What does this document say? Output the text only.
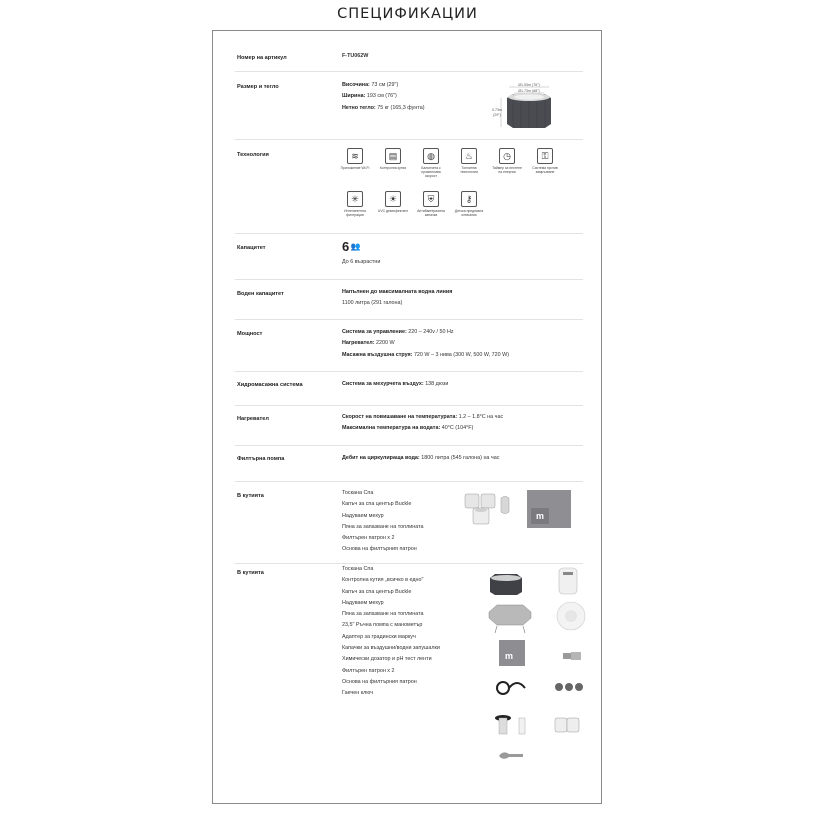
СПЕЦИФИКАЦИИ
Номер на артикул	F-TU062W
Размер и тегло	Височина: 73 см (29")
Ширина: 193 см (76")
Нетно тегло: 75 кг (165,3 фунта)
Ø1.93m (76")
Ø1.73m (68")
0.73m
(29")
Технология	≋
Приложение Wi-Fi
▤
Контролна кутия
◍
Балончета с променлива скорост
♨
Топлинна технология
◷
Таймер за пестене на енергия
⚿
Система против замръзване
✳
Интелигентна филтрация
☀
UVC дезинфектант
⛨
Антибактериална капачка
⚷
Детска предпазна ключалка
Капацитет	6 👥
До 6 възрастни
Воден капацитет	Напълнен до максималната водна линия
1100 литра (291 галона)
Мощност	Система за управление: 220 – 240v / 50 Hz
Нагревател: 2200 W
Масажна въздушна струя: 720 W – 3 нива (300 W, 500 W, 720 W)
Хидромасажна система	Система за мехурчета въздух: 138 дюзи
Нагревател	Скорост на повишаване на температурата: 1.2 – 1.8°C на час
Максимална температура на водата: 40°C (104°F)
Филтърна помпа	Дебит на циркулираща вода: 1800 литра (545 галона) на час
В кутията	Тоскана Спа
Капъч за спа център Buckle
Надуваем мехур
Пяна за запазване на топлината
Филтърен патрон x 2
Основа на филтърния патрон
m
В кутията
Тоскана Спа
Контролна кутия „всичко в едно"
Капъч за спа център Buckle
Надуваем мехур
Пяна за запазване на топлината
23,5" Ръчна помпа с манометър
Адаптер за градински маркуч
Капачки за въздушни/водни запушалки
Химически дозатор и pH тест ленти
Филтърен патрон x 2
Основа на филтърния патрон
Гаечен ключ
m
